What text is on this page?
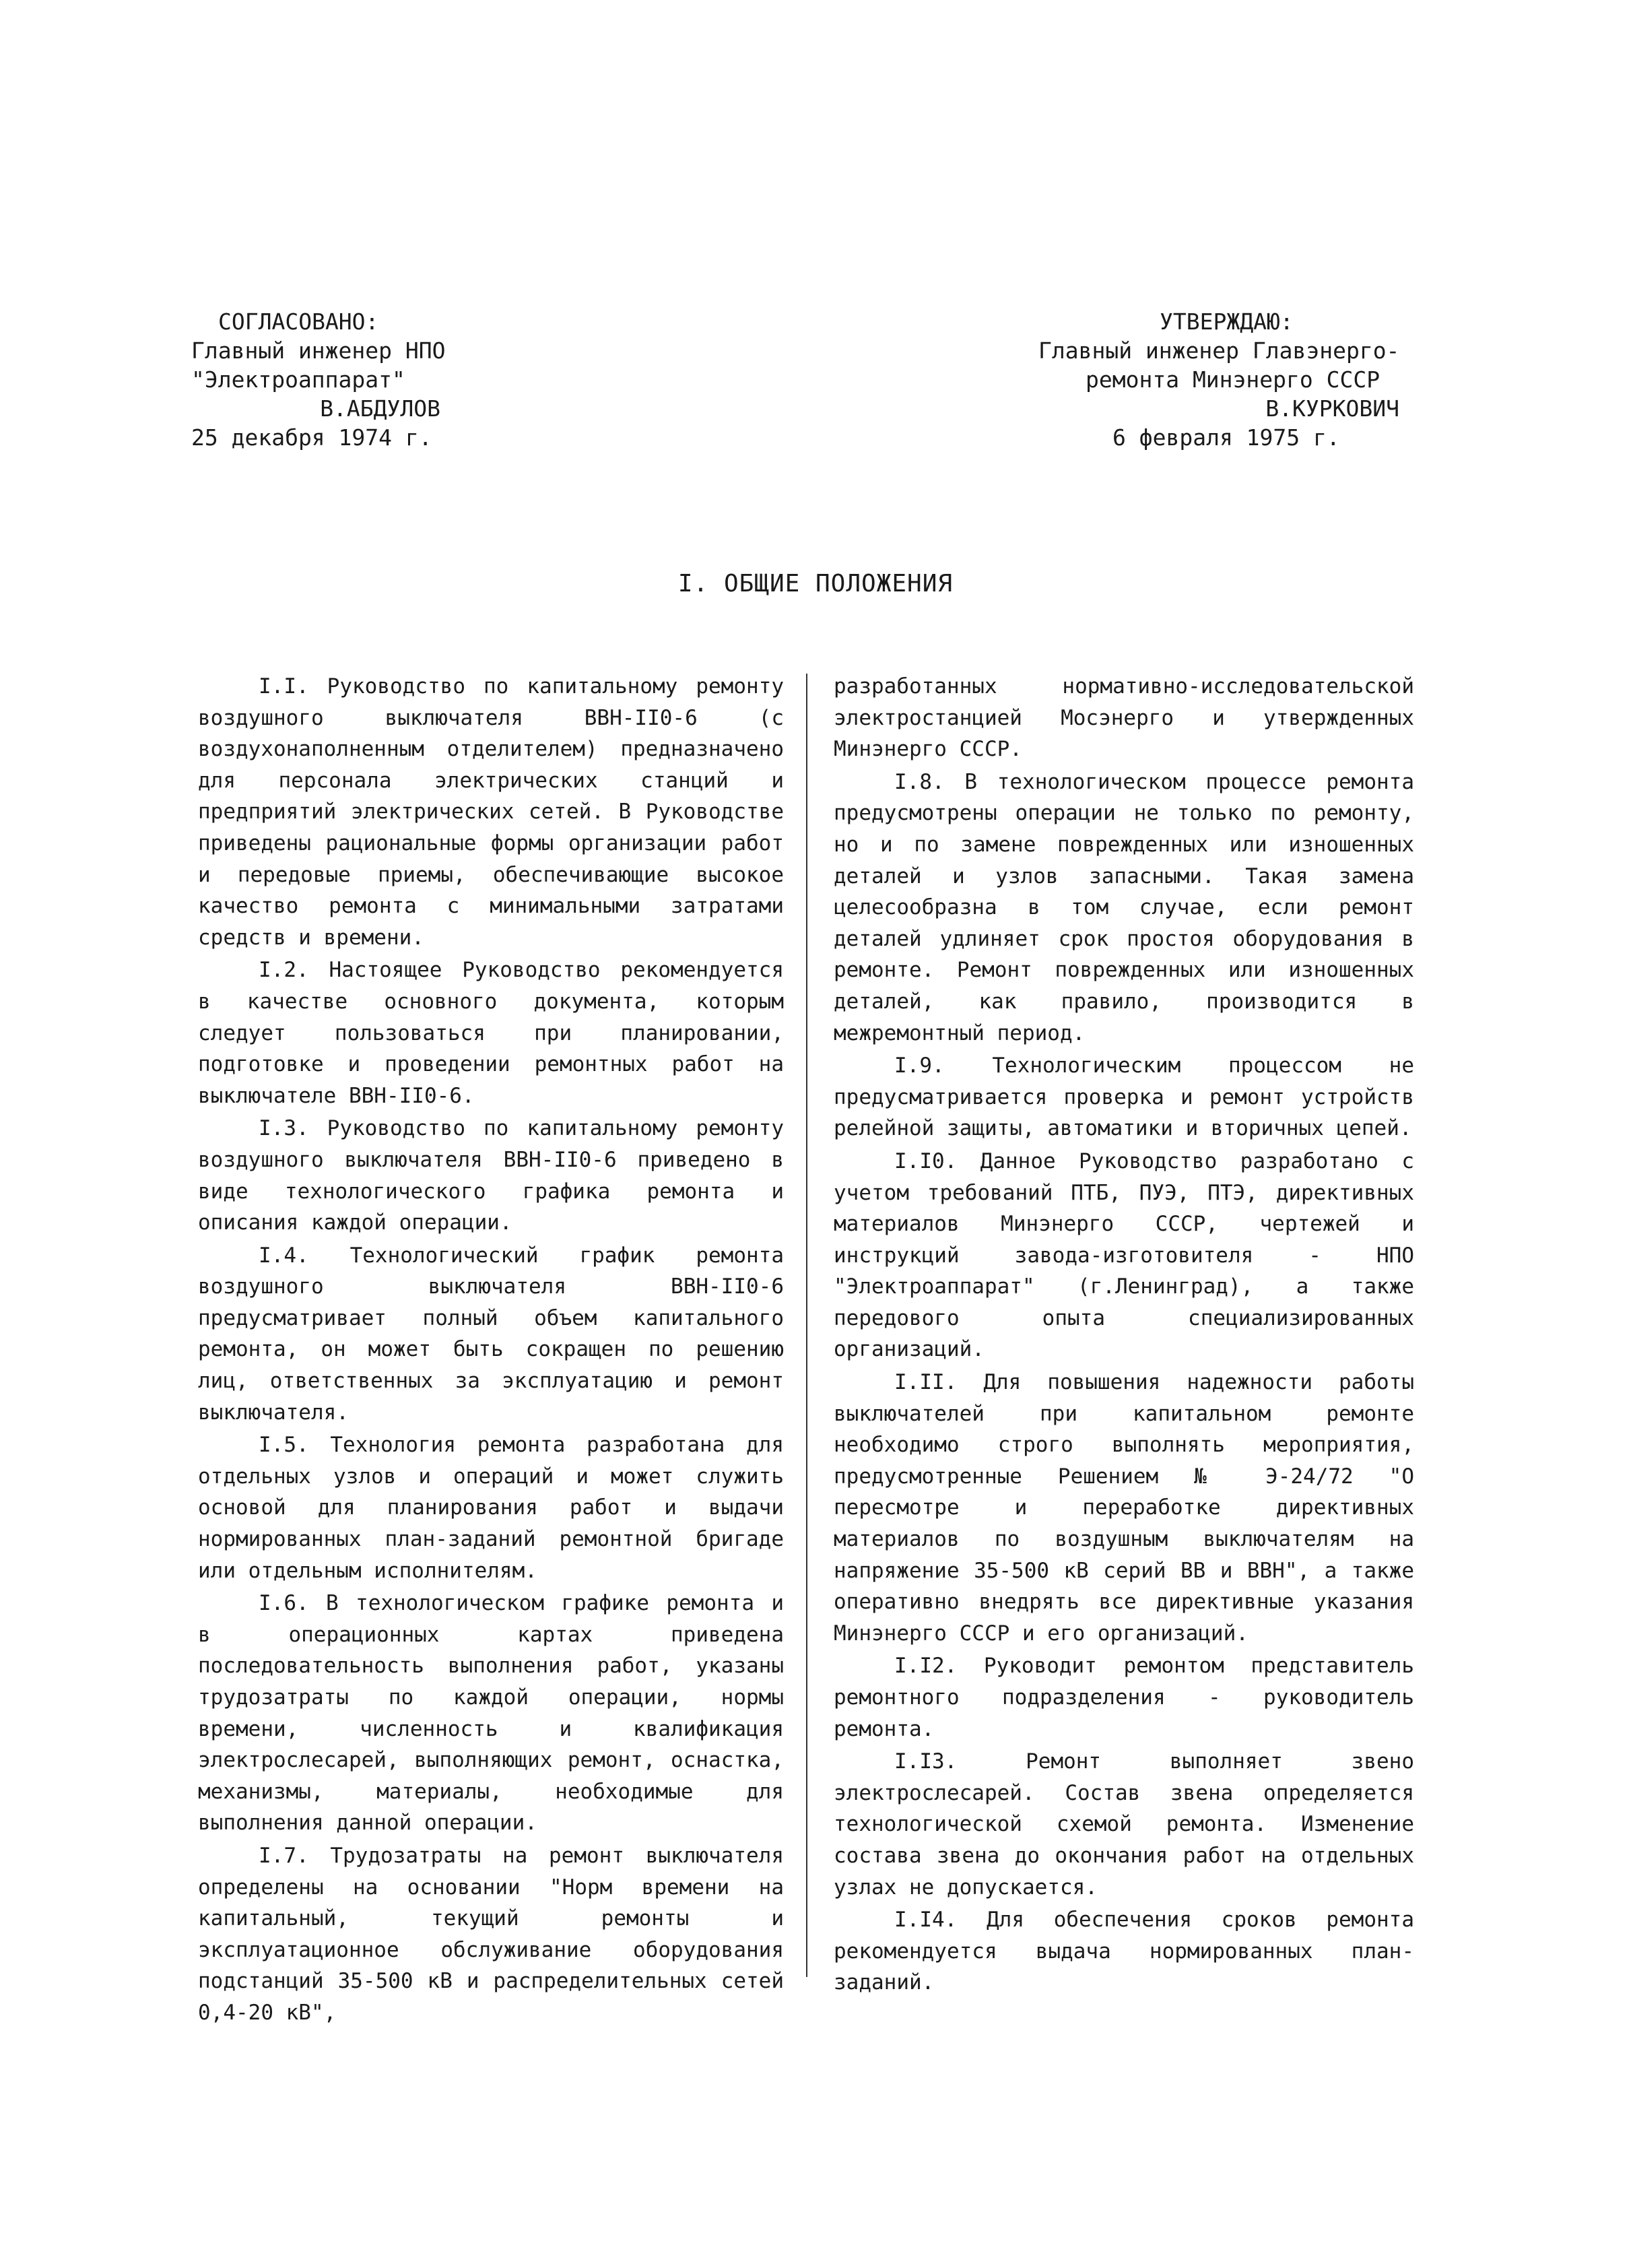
СОГЛАСОВАНО:
Главный инженер НПО
"Электроаппарат"
В.АБДУЛОВ
25 декабря 1974 г.
УТВЕРЖДАЮ:
Главный инженер Главэнерго-
ремонта Минэнерго СССР
В.КУРКОВИЧ
6 февраля 1975 г.
I. ОБЩИЕ ПОЛОЖЕНИЯ

I.I. Руководство по капитальному ремонту воздушного выключателя ВВН-II0-6 (с воздухонаполненным отделителем) предназначено для персонала электрических станций и предприятий электрических сетей. В Руководстве приведены рациональные формы организации работ и передовые приемы, обеспечивающие высокое качество ремонта с минимальными затратами средств и времени.

I.2. Настоящее Руководство рекомендуется в качестве основного документа, которым следует пользоваться при планировании, подготовке и проведении ремонтных работ на выключателе ВВН-II0-6.

I.3. Руководство по капитальному ремонту воздушного выключателя ВВН-II0-6 приведено в виде технологического графика ремонта и описания каждой операции.

I.4. Технологический график ремонта воздушного выключателя ВВН-II0-6 предусматривает полный объем капитального ремонта, он может быть сокращен по решению лиц, ответственных за эксплуатацию и ремонт выключателя.

I.5. Технология ремонта разработана для отдельных узлов и операций и может служить основой для планирования работ и выдачи нормированных план-заданий ремонтной бригаде или отдельным исполнителям.

I.6. В технологическом графике ремонта и в операционных картах приведена последовательность выполнения работ, указаны трудозатраты по каждой операции, нормы времени, численность и квалификация электрослесарей, выполняющих ремонт, оснастка, механизмы, материалы, необходимые для выполнения данной операции.

I.7. Трудозатраты на ремонт выключателя определены на основании "Норм времени на капитальный, текущий ремонты и эксплуатационное обслуживание оборудования подстанций 35-500 кВ и распределительных сетей 0,4-20 кВ",

разработанных нормативно-исследовательской электростанцией Мосэнерго и утвержденных Минэнерго СССР.

I.8. В технологическом процессе ремонта предусмотрены операции не только по ремонту, но и по замене поврежденных или изношенных деталей и узлов запасными. Такая замена целесообразна в том случае, если ремонт деталей удлиняет срок простоя оборудования в ремонте. Ремонт поврежденных или изношенных деталей, как правило, производится в межремонтный период.

I.9. Технологическим процессом не предусматривается проверка и ремонт устройств релейной защиты, автоматики и вторичных цепей.

I.I0. Данное Руководство разработано с учетом требований ПТБ, ПУЭ, ПТЭ, директивных материалов Минэнерго СССР, чертежей и инструкций завода-изготовителя - НПО "Электроаппарат" (г.Ленинград), а также передового опыта специализированных организаций.

I.II. Для повышения надежности работы выключателей при капитальном ремонте необходимо строго выполнять мероприятия, предусмотренные Решением № Э-24/72 "О пересмотре и переработке директивных материалов по воздушным выключателям на напряжение 35-500 кВ серий ВВ и ВВН", а также оперативно внедрять все директивные указания Минэнерго СССР и его организаций.

I.I2. Руководит ремонтом представитель ремонтного подразделения - руководитель ремонта.

I.I3. Ремонт выполняет звено электрослесарей. Состав звена определяется технологической схемой ремонта. Изменение состава звена до окончания работ на отдельных узлах не допускается.

I.I4. Для обеспечения сроков ремонта рекомендуется выдача нормированных план-заданий.
